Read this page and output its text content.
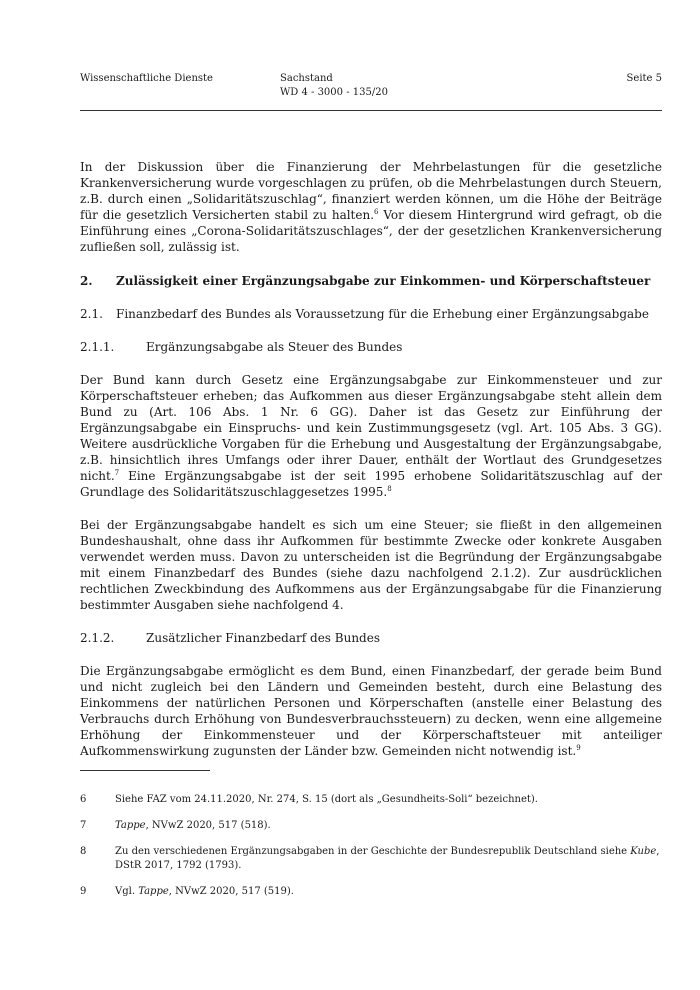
Wissenschaftliche Dienste	Sachstand
WD 4 - 3000 - 135/20
Seite 5

In der Diskussion über die Finanzierung der Mehrbelastungen für die gesetzliche Krankenversicherung wurde vorgeschlagen zu prüfen, ob die Mehrbelastungen durch Steuern, z.B. durch einen „Solidaritätszuschlag“, finanziert werden können, um die Höhe der Beiträge für die gesetzlich Versicherten stabil zu halten.$^6$ Vor diesem Hintergrund wird gefragt, ob die Einführung eines „Corona-Solidaritätszuschlages“, der der gesetzlichen Krankenversicherung zufließen soll, zulässig ist.

2. Zulässigkeit einer Ergänzungsabgabe zur Einkommen- und Körperschaftsteuer

2.1. Finanzbedarf des Bundes als Voraussetzung für die Erhebung einer Ergänzungsabgabe

2.1.1.	Ergänzungsabgabe als Steuer des Bundes

Der Bund kann durch Gesetz eine Ergänzungsabgabe zur Einkommensteuer und zur Körperschaftsteuer erheben; das Aufkommen aus dieser Ergänzungsabgabe steht allein dem Bund zu (Art. 106 Abs. 1 Nr. 6 GG). Daher ist das Gesetz zur Einführung der Ergänzungsabgabe ein Einspruchs- und kein Zustimmungsgesetz (vgl. Art. 105 Abs. 3 GG). Weitere ausdrückliche Vorgaben für die Erhebung und Ausgestaltung der Ergänzungsabgabe, z.B. hinsichtlich ihres Umfangs oder ihrer Dauer, enthält der Wortlaut des Grundgesetzes nicht.$^7$ Eine Ergänzungsabgabe ist der seit 1995 erhobene Solidaritätszuschlag auf der Grundlage des Solidaritätszuschlaggesetzes 1995.$^8$

Bei der Ergänzungsabgabe handelt es sich um eine Steuer; sie fließt in den allgemeinen Bundeshaushalt, ohne dass ihr Aufkommen für bestimmte Zwecke oder konkrete Ausgaben verwendet werden muss. Davon zu unterscheiden ist die Begründung der Ergänzungsabgabe mit einem Finanzbedarf des Bundes (siehe dazu nachfolgend 2.1.2). Zur ausdrücklichen rechtlichen Zweckbindung des Aufkommens aus der Ergänzungsabgabe für die Finanzierung bestimmter Ausgaben siehe nachfolgend 4.

2.1.2.	Zusätzlicher Finanzbedarf des Bundes

Die Ergänzungsabgabe ermöglicht es dem Bund, einen Finanzbedarf, der gerade beim Bund und nicht zugleich bei den Ländern und Gemeinden besteht, durch eine Belastung des Einkommens der natürlichen Personen und Körperschaften (anstelle einer Belastung des Verbrauchs durch Erhöhung von Bundesverbrauchssteuern) zu decken, wenn eine allgemeine Erhöhung der Einkommensteuer und der Körperschaftsteuer mit anteiliger Aufkommenswirkung zugunsten der Länder bzw. Gemeinden nicht notwendig ist.$^9$

6	Siehe FAZ vom 24.11.2020, Nr. 274, S. 15 (dort als „Gesundheits-Soli“ bezeichnet).

7	Tappe, NVwZ 2020, 517 (518).

8	Zu den verschiedenen Ergänzungsabgaben in der Geschichte der Bundesrepublik Deutschland siehe Kube, DStR 2017, 1792 (1793).

9	Vgl. Tappe, NVwZ 2020, 517 (519).
